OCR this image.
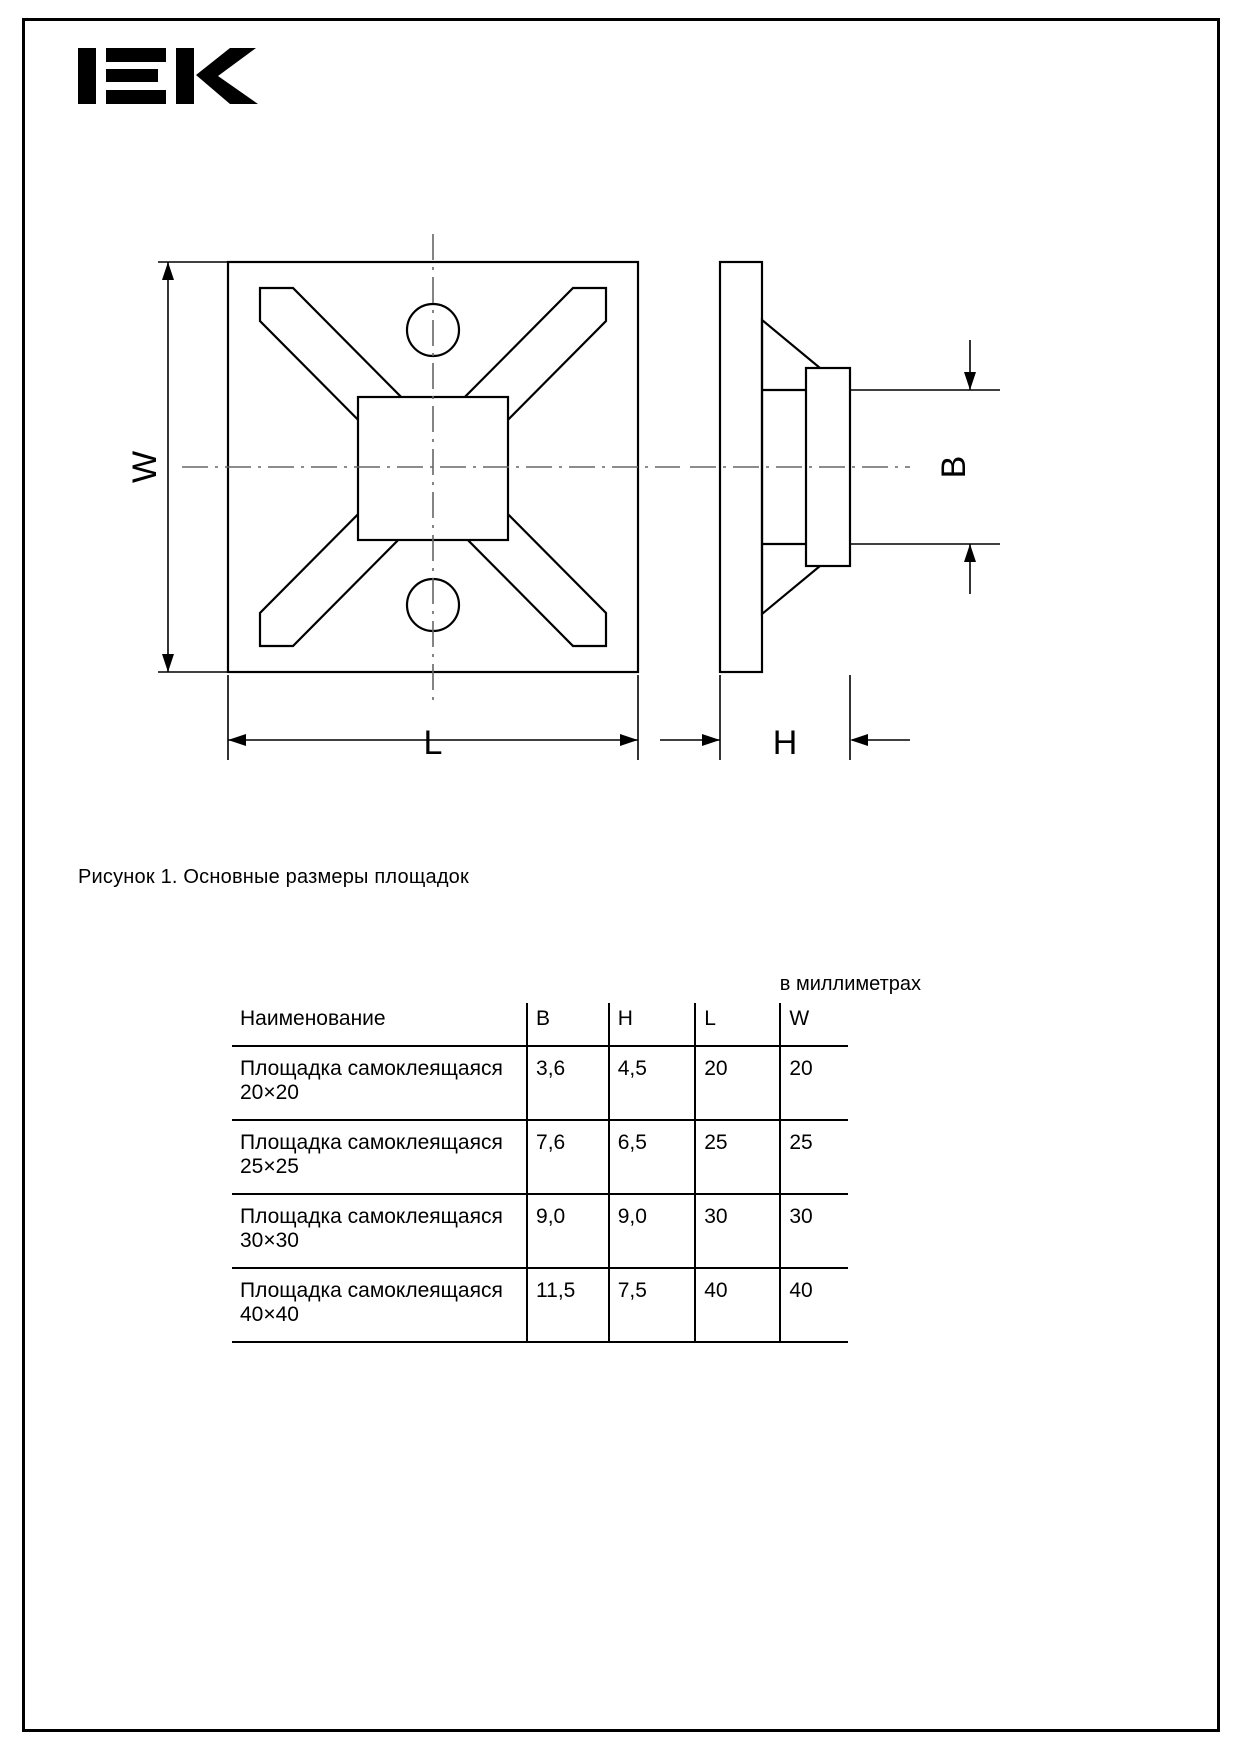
W
L
B
H
Рисунок 1. Основные размеры площадок
в миллиметрах
Наименование	B	H	L	W
Площадка самоклеящаяся
20×20	3,6	4,5	20	20
Площадка самоклеящаяся
25×25	7,6	6,5	25	25
Площадка самоклеящаяся
30×30	9,0	9,0	30	30
Площадка самоклеящаяся
40×40	11,5	7,5	40	40
